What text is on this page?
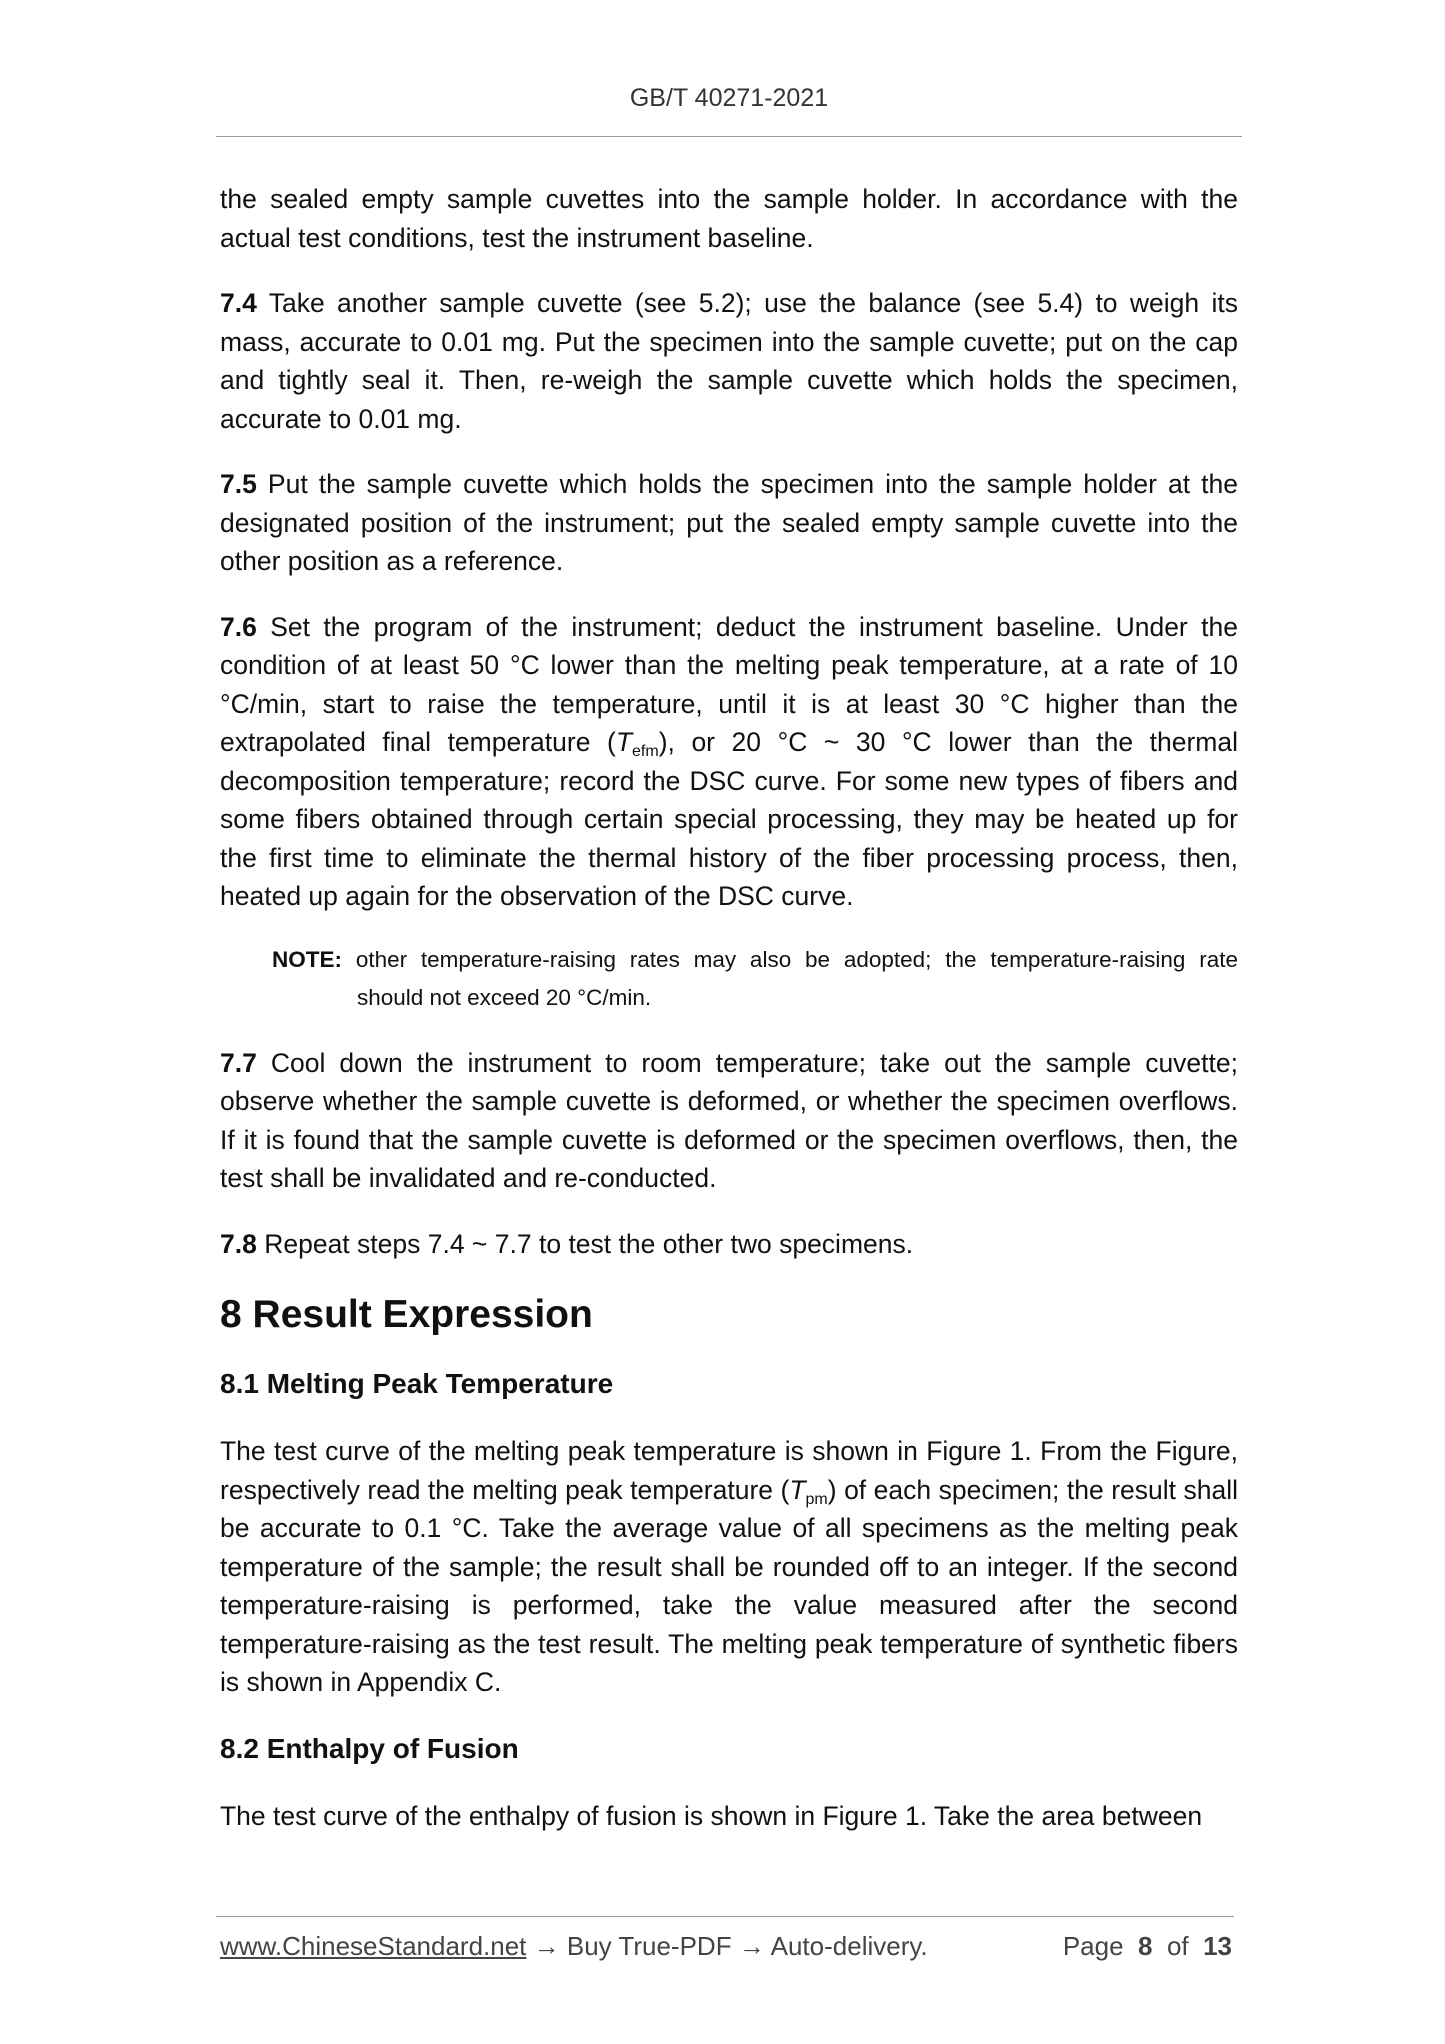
GB/T 40271-2021

the sealed empty sample cuvettes into the sample holder. In accordance with the actual test conditions, test the instrument baseline.

7.4 Take another sample cuvette (see 5.2); use the balance (see 5.4) to weigh its mass, accurate to 0.01 mg. Put the specimen into the sample cuvette; put on the cap and tightly seal it. Then, re-weigh the sample cuvette which holds the specimen, accurate to 0.01 mg.

7.5 Put the sample cuvette which holds the specimen into the sample holder at the designated position of the instrument; put the sealed empty sample cuvette into the other position as a reference.

7.6 Set the program of the instrument; deduct the instrument baseline. Under the condition of at least 50 °C lower than the melting peak temperature, at a rate of 10 °C/min, start to raise the temperature, until it is at least 30 °C higher than the extrapolated final temperature $(T_{efm})$, or 20 °C ~ 30 °C lower than the thermal decomposition temperature; record the DSC curve. For some new types of fibers and some fibers obtained through certain special processing, they may be heated up for the first time to eliminate the thermal history of the fiber processing process, then, heated up again for the observation of the DSC curve.

NOTE: other temperature-raising rates may also be adopted; the temperature-raising rate
should not exceed 20 °C/min.

7.7 Cool down the instrument to room temperature; take out the sample cuvette; observe whether the sample cuvette is deformed, or whether the specimen overflows. If it is found that the sample cuvette is deformed or the specimen overflows, then, the test shall be invalidated and re-conducted.

7.8 Repeat steps 7.4 ~ 7.7 to test the other two specimens.

8 Result Expression
8.1 Melting Peak Temperature

The test curve of the melting peak temperature is shown in Figure 1. From the Figure, respectively read the melting peak temperature $(T_{pm})$ of each specimen; the result shall be accurate to 0.1 °C. Take the average value of all specimens as the melting peak temperature of the sample; the result shall be rounded off to an integer. If the second temperature-raising is performed, take the value measured after the second temperature-raising as the test result. The melting peak temperature of synthetic fibers is shown in Appendix C.

8.2 Enthalpy of Fusion

The test curve of the enthalpy of fusion is shown in Figure 1. Take the area between

www.ChineseStandard.net → Buy True-PDF → Auto-delivery.	Page 8 of 13
